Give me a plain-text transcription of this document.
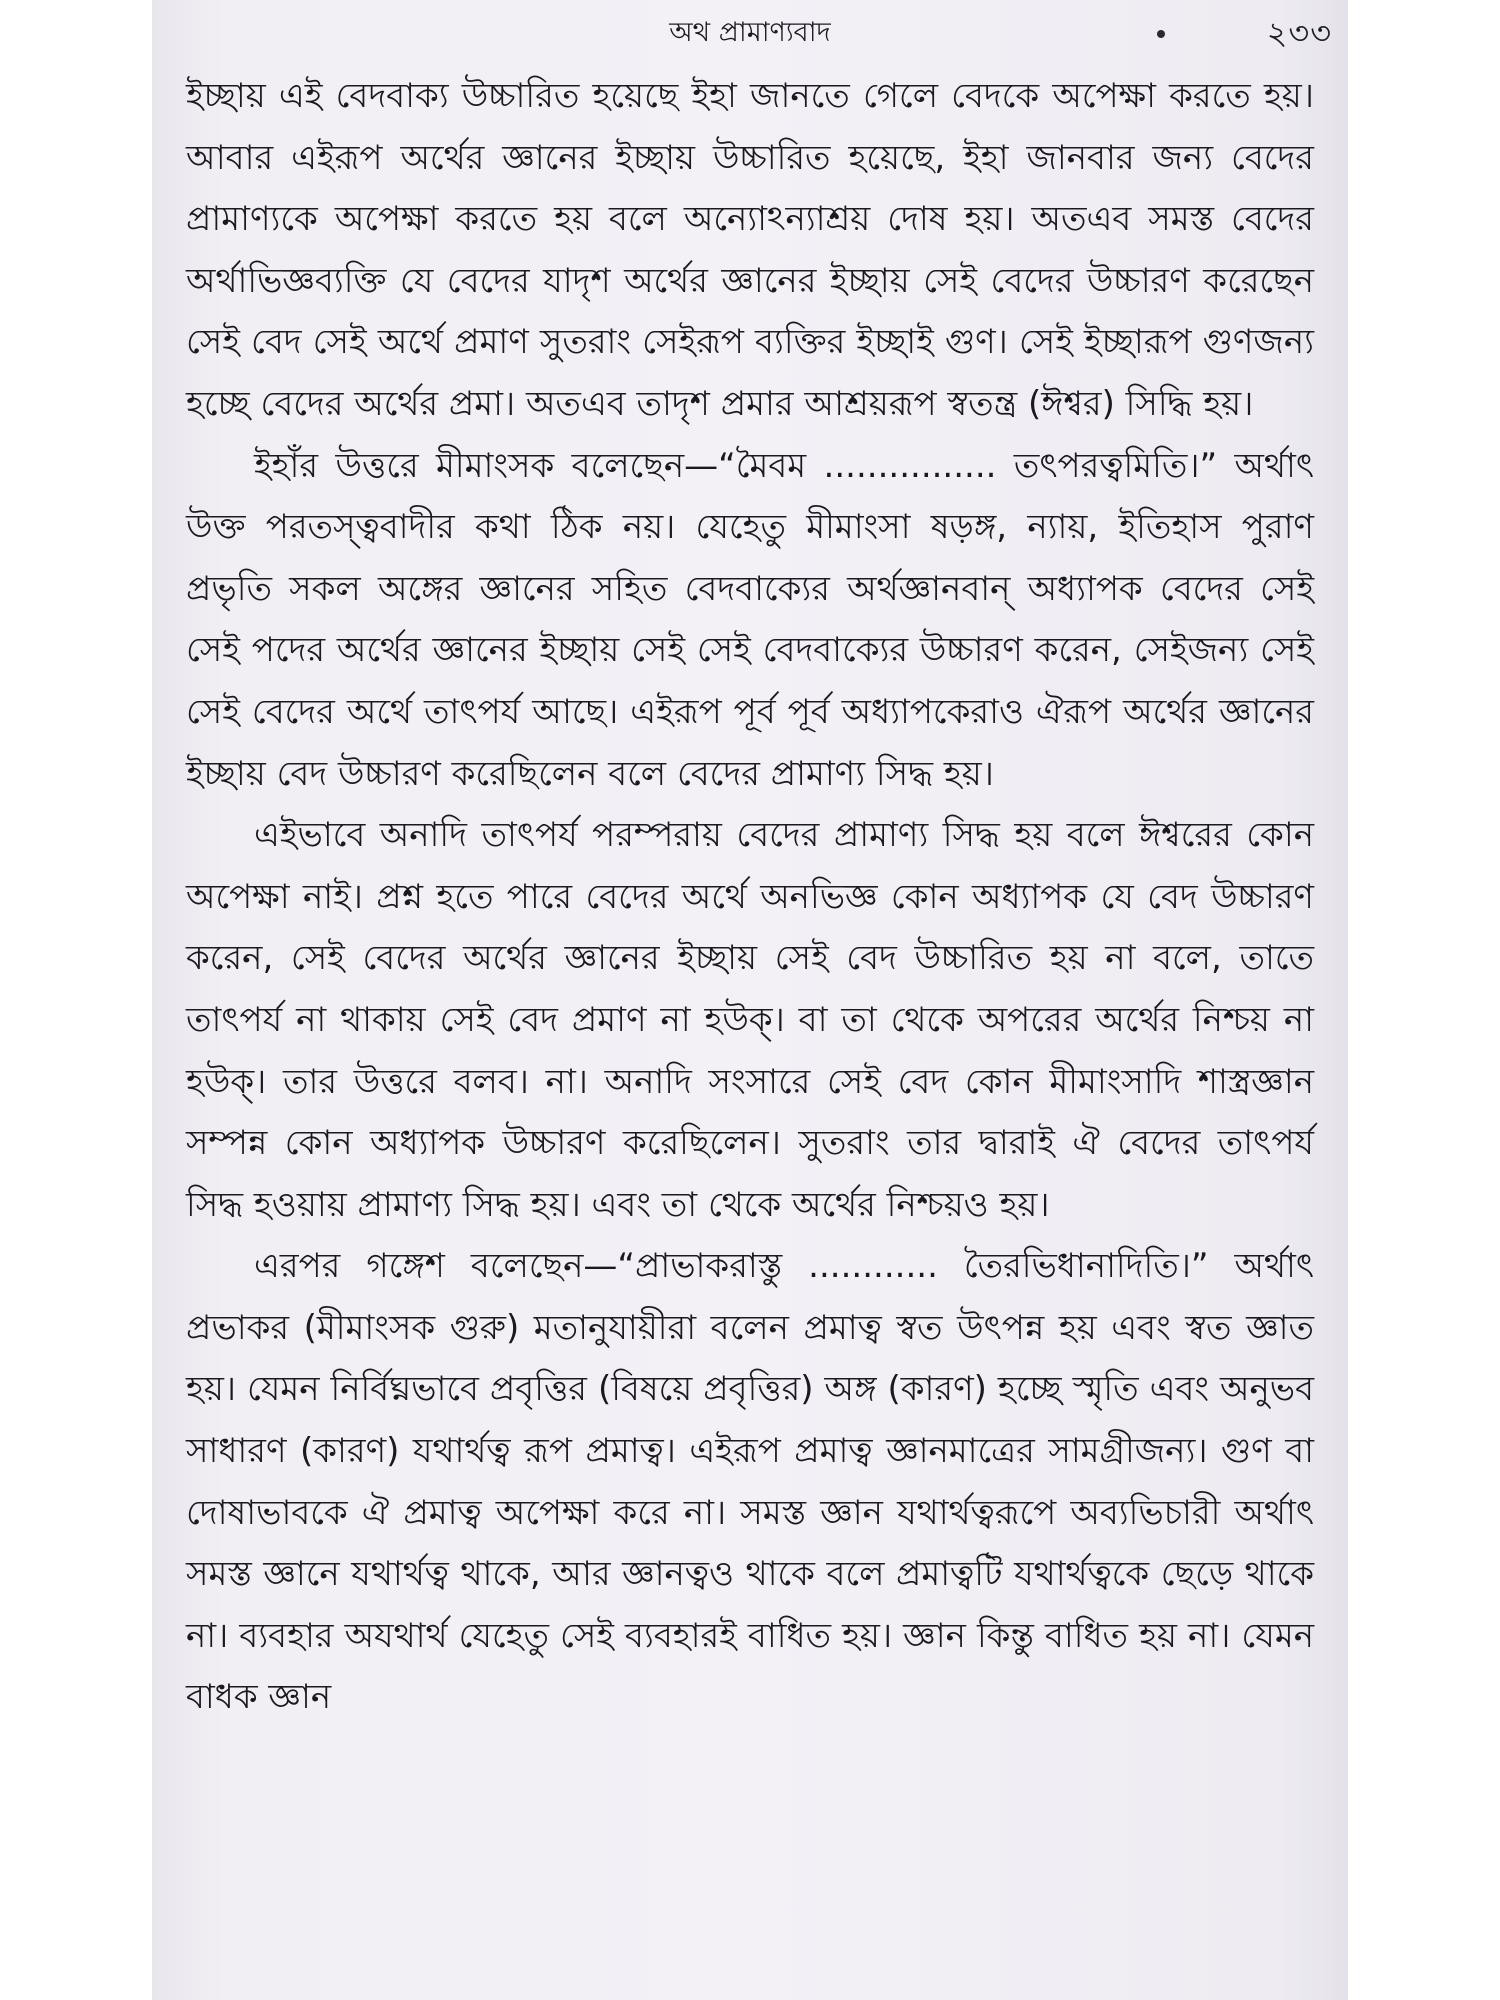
অথ প্রামাণ্যবাদ	২৩৩

ইচ্ছায় এই বেদবাক্য উচ্চারিত হয়েছে ইহা জানতে গেলে বেদকে অপেক্ষা করতে হয়। আবার এইরূপ অর্থের জ্ঞানের ইচ্ছায় উচ্চারিত হয়েছে, ইহা জানবার জন্য বেদের প্রামাণ্যকে অপেক্ষা করতে হয় বলে অন্যোঽন্যাশ্রয় দোষ হয়। অতএব সমস্ত বেদের অর্থাভিজ্ঞব্যক্তি যে বেদের যাদৃশ অর্থের জ্ঞানের ইচ্ছায় সেই বেদের উচ্চারণ করেছেন সেই বেদ সেই অর্থে প্রমাণ সুতরাং সেইরূপ ব্যক্তির ইচ্ছাই গুণ। সেই ইচ্ছারূপ গুণজন্য হচ্ছে বেদের অর্থের প্রমা। অতএব তাদৃশ প্রমার আশ্রয়রূপ স্বতন্ত্র (ঈশ্বর) সিদ্ধি হয়।

ইহাঁর উত্তরে মীমাংসক বলেছেন—“মৈবম ................ তৎপরত্বমিতি।” অর্থাৎ উক্ত পরতস্ত্ববাদীর কথা ঠিক নয়। যেহেতু মীমাংসা ষড়ঙ্গ, ন্যায়, ইতিহাস পুরাণ প্রভৃতি সকল অঙ্গের জ্ঞানের সহিত বেদবাক্যের অর্থজ্ঞানবান্ অধ্যাপক বেদের সেই সেই পদের অর্থের জ্ঞানের ইচ্ছায় সেই সেই বেদবাক্যের উচ্চারণ করেন, সেইজন্য সেই সেই বেদের অর্থে তাৎপর্য আছে। এইরূপ পূর্ব পূর্ব অধ্যাপকেরাও ঐরূপ অর্থের জ্ঞানের ইচ্ছায় বেদ উচ্চারণ করেছিলেন বলে বেদের প্রামাণ্য সিদ্ধ হয়।

এইভাবে অনাদি তাৎপর্য পরম্পরায় বেদের প্রামাণ্য সিদ্ধ হয় বলে ঈশ্বরের কোন অপেক্ষা নাই। প্রশ্ন হতে পারে বেদের অর্থে অনভিজ্ঞ কোন অধ্যাপক যে বেদ উচ্চারণ করেন, সেই বেদের অর্থের জ্ঞানের ইচ্ছায় সেই বেদ উচ্চারিত হয় না বলে, তাতে তাৎপর্য না থাকায় সেই বেদ প্রমাণ না হউক্। বা তা থেকে অপরের অর্থের নিশ্চয় না হউক্। তার উত্তরে বলব। না। অনাদি সংসারে সেই বেদ কোন মীমাংসাদি শাস্ত্রজ্ঞান সম্পন্ন কোন অধ্যাপক উচ্চারণ করেছিলেন। সুতরাং তার দ্বারাই ঐ বেদের তাৎপর্য সিদ্ধ হওয়ায় প্রামাণ্য সিদ্ধ হয়। এবং তা থেকে অর্থের নিশ্চয়ও হয়।

এরপর গঙ্গেশ বলেছেন—“প্রাভাকরাস্তু ............ তৈরভিধানাদিতি।” অর্থাৎ প্রভাকর (মীমাংসক গুরু) মতানুযায়ীরা বলেন প্রমাত্ব স্বত উৎপন্ন হয় এবং স্বত জ্ঞাত হয়। যেমন নির্বিঘ্নভাবে প্রবৃত্তির (বিষয়ে প্রবৃত্তির) অঙ্গ (কারণ) হচ্ছে স্মৃতি এবং অনুভব সাধারণ (কারণ) যথার্থত্ব রূপ প্রমাত্ব। এইরূপ প্রমাত্ব জ্ঞানমাত্রের সামগ্রীজন্য। গুণ বা দোষাভাবকে ঐ প্রমাত্ব অপেক্ষা করে না। সমস্ত জ্ঞান যথার্থত্বরূপে অব্যভিচারী অর্থাৎ সমস্ত জ্ঞানে যথার্থত্ব থাকে, আর জ্ঞানত্বও থাকে বলে প্রমাত্বটি যথার্থত্বকে ছেড়ে থাকে না। ব্যবহার অযথার্থ যেহেতু সেই ব্যবহারই বাধিত হয়। জ্ঞান কিন্তু বাধিত হয় না। যেমন বাধক জ্ঞান
